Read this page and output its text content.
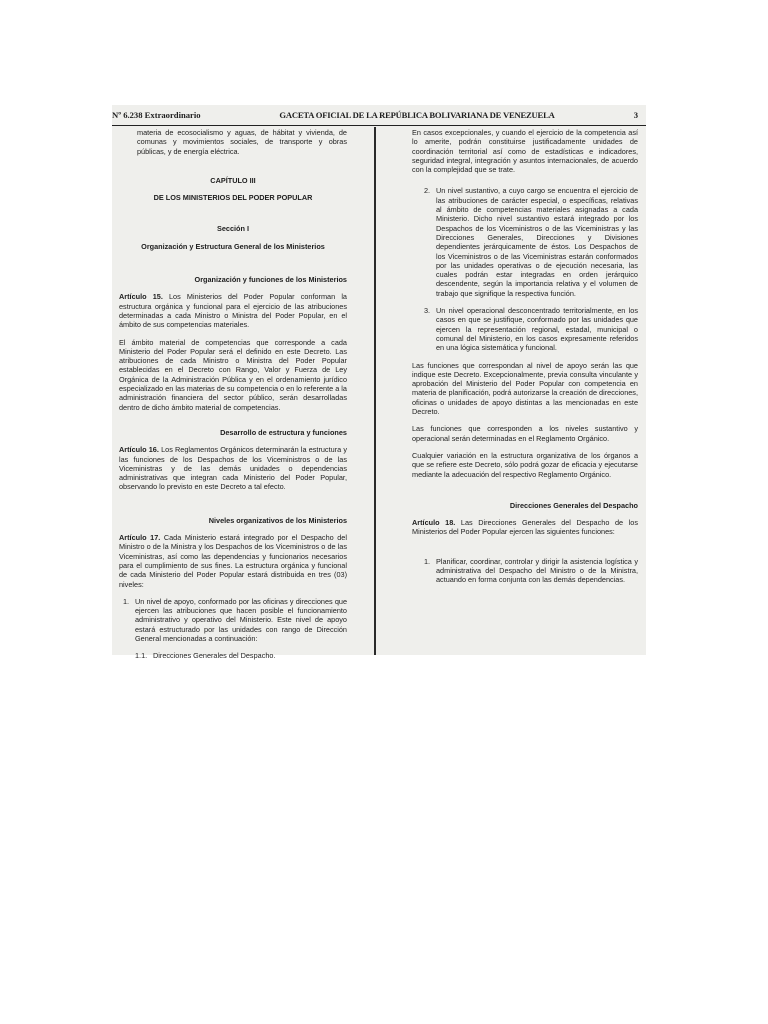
Nº 6.238 Extraordinario	GACETA OFICIAL DE LA REPÚBLICA BOLIVARIANA DE VENEZUELA	3

materia de ecosocialismo y aguas, de hábitat y vivienda, de comunas y movimientos sociales, de transporte y obras públicas, y de energía eléctrica.

CAPÍTULO III

DE LOS MINISTERIOS DEL PODER POPULAR

Sección I

Organización y Estructura General de los Ministerios

Organización y funciones de los Ministerios

Artículo 15. Los Ministerios del Poder Popular conforman la estructura orgánica y funcional para el ejercicio de las atribuciones determinadas a cada Ministro o Ministra del Poder Popular, en el ámbito de sus competencias materiales.

El ámbito material de competencias que corresponde a cada Ministerio del Poder Popular será el definido en este Decreto. Las atribuciones de cada Ministro o Ministra del Poder Popular establecidas en el Decreto con Rango, Valor y Fuerza de Ley Orgánica de la Administración Pública y en el ordenamiento jurídico especializado en las materias de su competencia o en lo referente a la administración financiera del sector público, serán desarrolladas dentro de dicho ámbito material de competencias.

Desarrollo de estructura y funciones

Artículo 16. Los Reglamentos Orgánicos determinarán la estructura y las funciones de los Despachos de los Viceministros o de las Viceministras y de las demás unidades o dependencias administrativas que integran cada Ministerio del Poder Popular, observando lo previsto en este Decreto a tal efecto.

Niveles organizativos de los Ministerios

Artículo 17. Cada Ministerio estará integrado por el Despacho del Ministro o de la Ministra y los Despachos de los Viceministros o de las Viceministras, así como las dependencias y funcionarios necesarios para el cumplimiento de sus fines. La estructura orgánica y funcional de cada Ministerio del Poder Popular estará distribuida en tres (03) niveles:

1. Un nivel de apoyo, conformado por las oficinas y direcciones que ejercen las atribuciones que hacen posible el funcionamiento administrativo y operativo del Ministerio. Este nivel de apoyo estará estructurado por las unidades con rango de Dirección General mencionadas a continuación:
1.1. Direcciones Generales del Despacho.

En casos excepcionales, y cuando el ejercicio de la competencia así lo amerite, podrán constituirse justificadamente unidades de coordinación territorial así como de estadísticas e indicadores, seguridad integral, integración y asuntos internacionales, de acuerdo con la complejidad que se trate.

2. Un nivel sustantivo, a cuyo cargo se encuentra el ejercicio de las atribuciones de carácter especial, o específicas, relativas al ámbito de competencias materiales asignadas a cada Ministerio. Dicho nivel sustantivo estará integrado por los Despachos de los Viceministros o de las Viceministras y las Direcciones Generales, Direcciones y Divisiones dependientes jerárquicamente de éstos. Los Despachos de los Viceministros o de las Viceministras estarán conformados por las unidades operativas o de ejecución necesaria, las cuales podrán estar integradas en orden jerárquico descendente, según la importancia relativa y el volumen de trabajo que signifique la respectiva función.
3. Un nivel operacional desconcentrado territorialmente, en los casos en que se justifique, conformado por las unidades que ejercen la representación regional, estadal, municipal o comunal del Ministerio, en los casos expresamente referidos en una lógica sistemática y funcional.

Las funciones que correspondan al nivel de apoyo serán las que indique este Decreto. Excepcionalmente, previa consulta vinculante y aprobación del Ministerio del Poder Popular con competencia en materia de planificación, podrá autorizarse la creación de direcciones, oficinas o unidades de apoyo distintas a las mencionadas en este Decreto.

Las funciones que corresponden a los niveles sustantivo y operacional serán determinadas en el Reglamento Orgánico.

Cualquier variación en la estructura organizativa de los órganos a que se refiere este Decreto, sólo podrá gozar de eficacia y ejecutarse mediante la adecuación del respectivo Reglamento Orgánico.

Direcciones Generales del Despacho

Artículo 18. Las Direcciones Generales del Despacho de los Ministerios del Poder Popular ejercen las siguientes funciones:

1. Planificar, coordinar, controlar y dirigir la asistencia logística y administrativa del Despacho del Ministro o de la Ministra, actuando en forma conjunta con las demás dependencias.
